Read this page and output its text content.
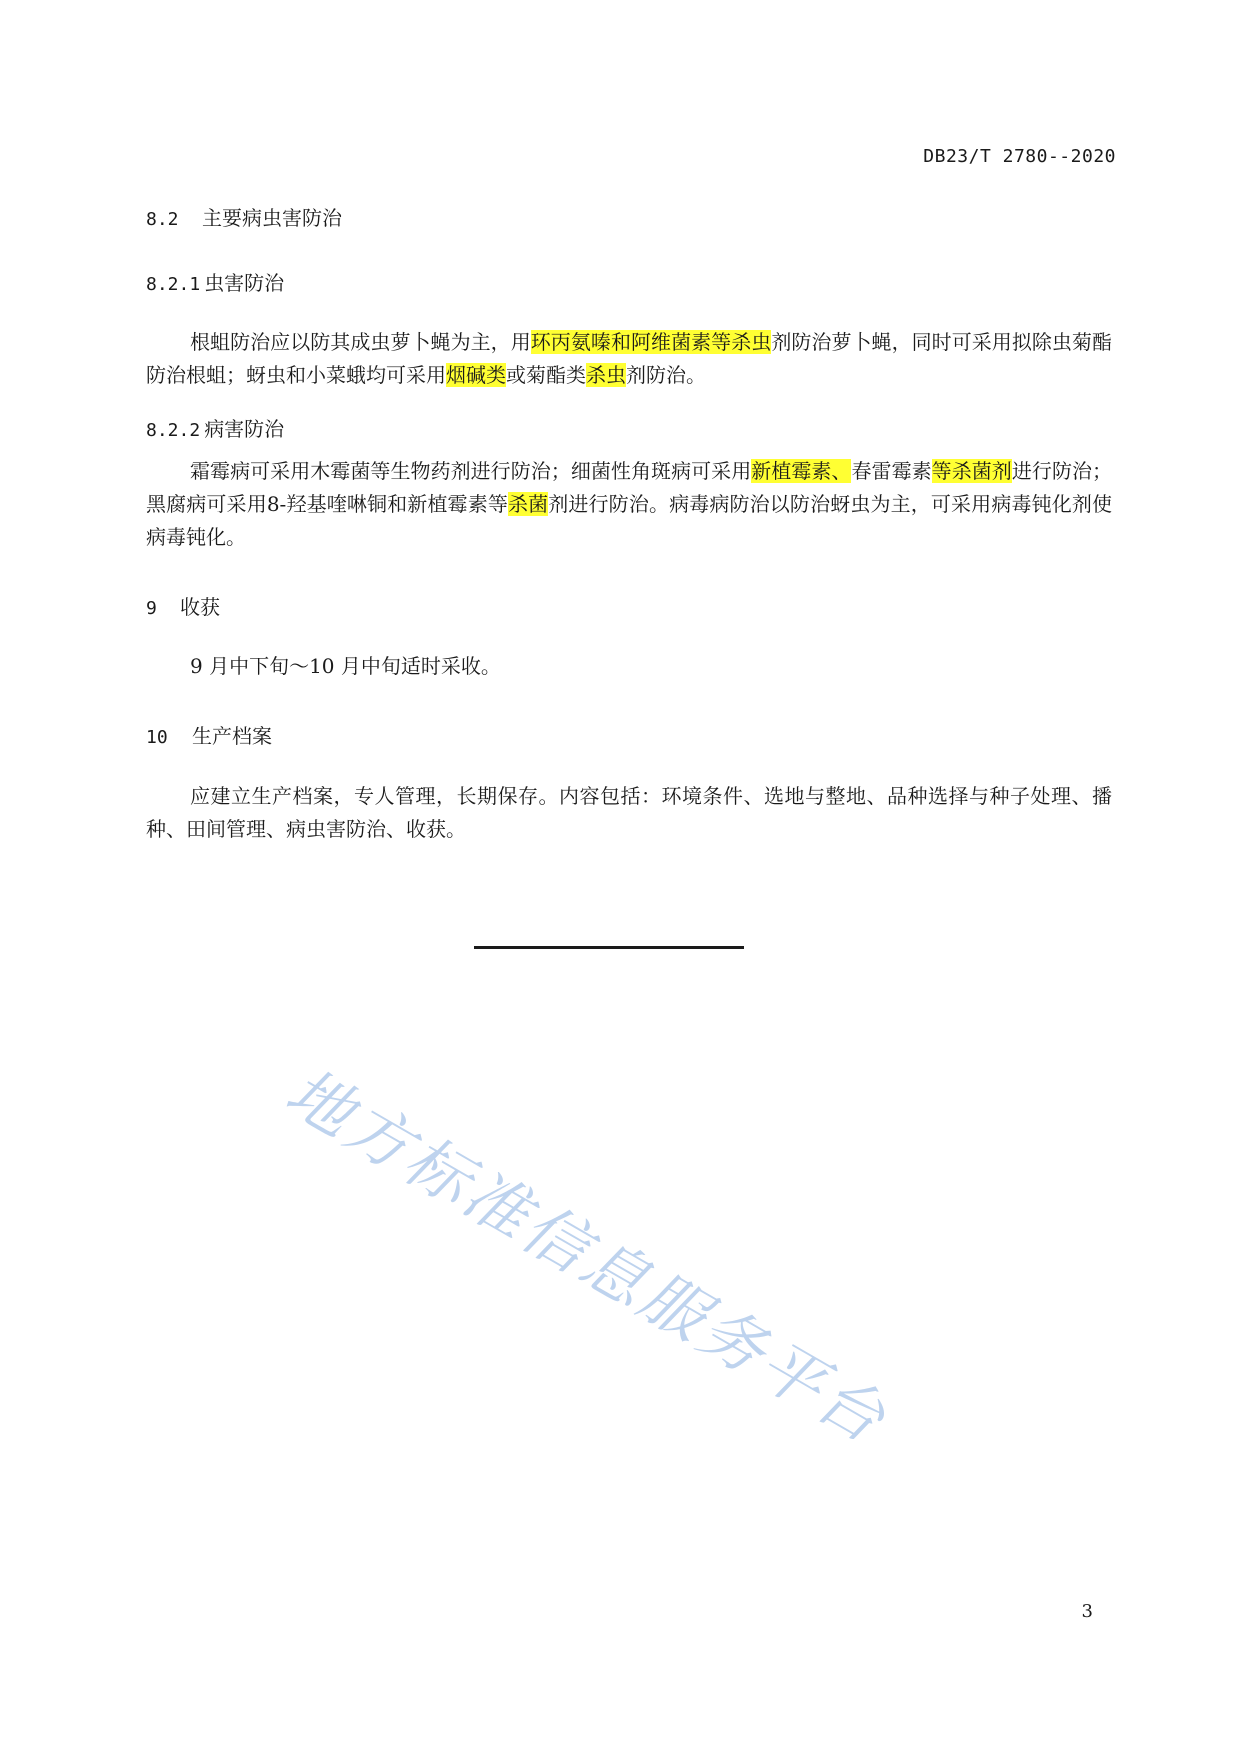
DB23/T 2780--2020
8.2 主要病虫害防治
8.2.1 虫害防治

根蛆防治应以防其成虫萝卜蝇为主，用环丙氨嗪和阿维菌素等杀虫剂防治萝卜蝇，同时可采用拟除虫菊酯防治根蛆；蚜虫和小菜蛾均可采用烟碱类或菊酯类杀虫剂防治。

8.2.2 病害防治

霜霉病可采用木霉菌等生物药剂进行防治；细菌性角斑病可采用新植霉素、春雷霉素等杀菌剂进行防治；黑腐病可采用8-羟基喹啉铜和新植霉素等杀菌剂进行防治。病毒病防治以防治蚜虫为主，可采用病毒钝化剂使病毒钝化。

9 收获

9 月中下旬～10 月中旬适时采收。

10 生产档案

应建立生产档案，专人管理，长期保存。内容包括：环境条件、选地与整地、品种选择与种子处理、播种、田间管理、病虫害防治、收获。

地方标准信息服务平台
3
